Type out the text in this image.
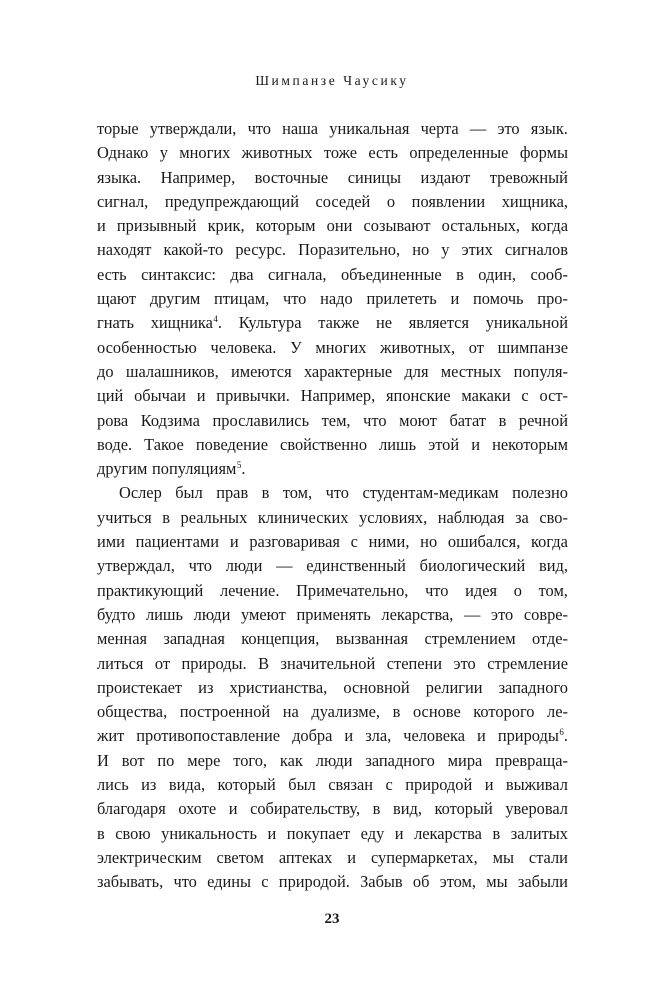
Шимпанзе Чаусику
торые утверждали, что наша уникальная черта — это язык.
Однако у многих животных тоже есть определенные формы
языка. Например, восточные синицы издают тревожный
сигнал, предупреждающий соседей о появлении хищника,
и призывный крик, которым они созывают остальных, когда
находят какой-то ресурс. Поразительно, но у этих сигналов
есть синтаксис: два сигнала, объединенные в один, сооб-
щают другим птицам, что надо прилететь и помочь про-
гнать хищника$^4$. Культура также не является уникальной
особенностью человека. У многих животных, от шимпанзе
до шалашников, имеются характерные для местных популя-
ций обычаи и привычки. Например, японские макаки с ост-
рова Кодзима прославились тем, что моют батат в речной
воде. Такое поведение свойственно лишь этой и некоторым
другим популяциям$^5$.
Ослер был прав в том, что студентам-медикам полезно
учиться в реальных клинических условиях, наблюдая за сво-
ими пациентами и разговаривая с ними, но ошибался, когда
утверждал, что люди — единственный биологический вид,
практикующий лечение. Примечательно, что идея о том,
будто лишь люди умеют применять лекарства, — это совре-
менная западная концепция, вызванная стремлением отде-
литься от природы. В значительной степени это стремление
проистекает из христианства, основной религии западного
общества, построенной на дуализме, в основе которого ле-
жит противопоставление добра и зла, человека и природы$^6$.
И вот по мере того, как люди западного мира превраща-
лись из вида, который был связан с природой и выживал
благодаря охоте и собирательству, в вид, который уверовал
в свою уникальность и покупает еду и лекарства в залитых
электрическим светом аптеках и супермаркетах, мы стали
забывать, что едины с природой. Забыв об этом, мы забыли
23
